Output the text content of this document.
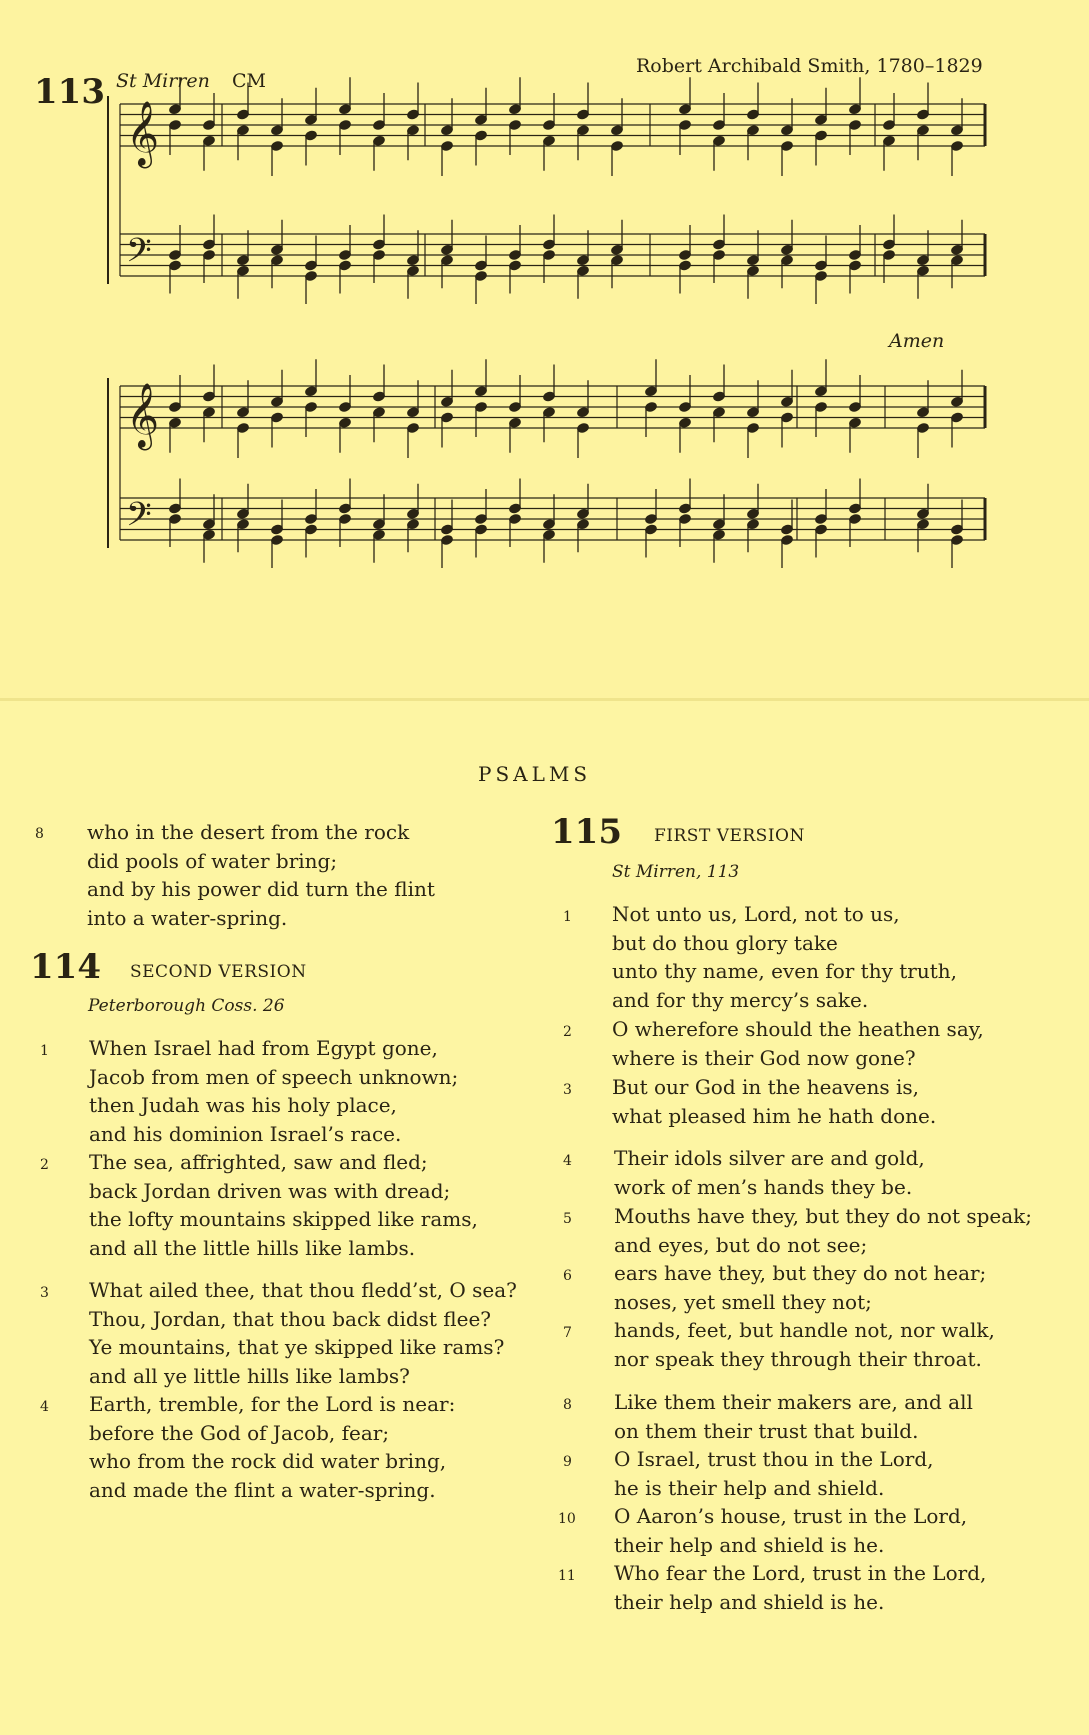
113 St Mirren CM
Robert Archibald Smith, 1780–1829
Amen
𝄞
𝄢
𝄞
𝄢
PSALMS
8	who in the desert from the rock
did pools of water bring;
and by his power did turn the flint
into a water-spring.
114 SECOND VERSION
Peterborough Coss. 26
1	When Israel had from Egypt gone,
Jacob from men of speech unknown;
then Judah was his holy place,
and his dominion Israel’s race.
2	The sea, affrighted, saw and fled;
back Jordan driven was with dread;
the lofty mountains skipped like rams,
and all the little hills like lambs.
3	What ailed thee, that thou fledd’st, O sea?
Thou, Jordan, that thou back didst flee?
Ye mountains, that ye skipped like rams?
and all ye little hills like lambs?
4	Earth, tremble, for the Lord is near:
before the God of Jacob, fear;
who from the rock did water bring,
and made the flint a water-spring.
115 FIRST VERSION
St Mirren, 113
1	Not unto us, Lord, not to us,
but do thou glory take
unto thy name, even for thy truth,
and for thy mercy’s sake.
2	O wherefore should the heathen say,
where is their God now gone?
3	But our God in the heavens is,
what pleased him he hath done.
4	Their idols silver are and gold,
work of men’s hands they be.
5	Mouths have they, but they do not speak;
and eyes, but do not see;
6	ears have they, but they do not hear;
noses, yet smell they not;
7	hands, feet, but handle not, nor walk,
nor speak they through their throat.
8	Like them their makers are, and all
on them their trust that build.
9	O Israel, trust thou in the Lord,
he is their help and shield.
10	O Aaron’s house, trust in the Lord,
their help and shield is he.
11	Who fear the Lord, trust in the Lord,
their help and shield is he.
